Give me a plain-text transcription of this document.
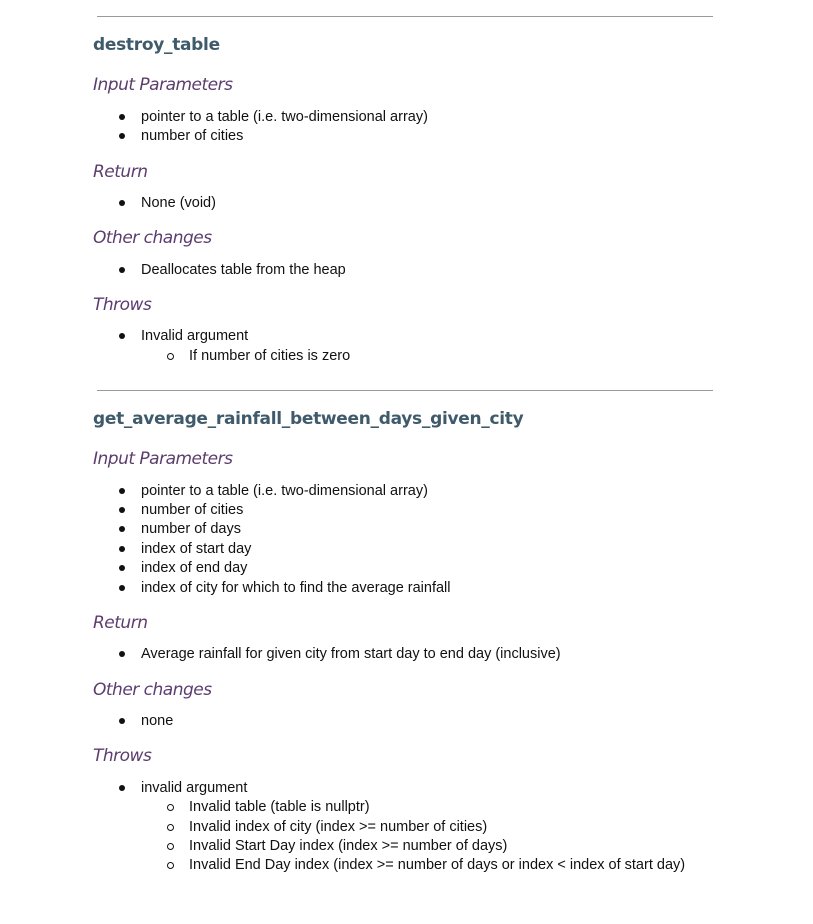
destroy_table
Input Parameters
pointer to a table (i.e. two-dimensional array)
number of cities
Return
None (void)
Other changes
Deallocates table from the heap
Throws
Invalid argument
If number of cities is zero
get_average_rainfall_between_days_given_city
Input Parameters
pointer to a table (i.e. two-dimensional array)
number of cities
number of days
index of start day
index of end day
index of city for which to find the average rainfall
Return
Average rainfall for given city from start day to end day (inclusive)
Other changes
none
Throws
invalid argument
Invalid table (table is nullptr)
Invalid index of city (index >= number of cities)
Invalid Start Day index (index >= number of days)
Invalid End Day index (index >= number of days or index < index of start day)
